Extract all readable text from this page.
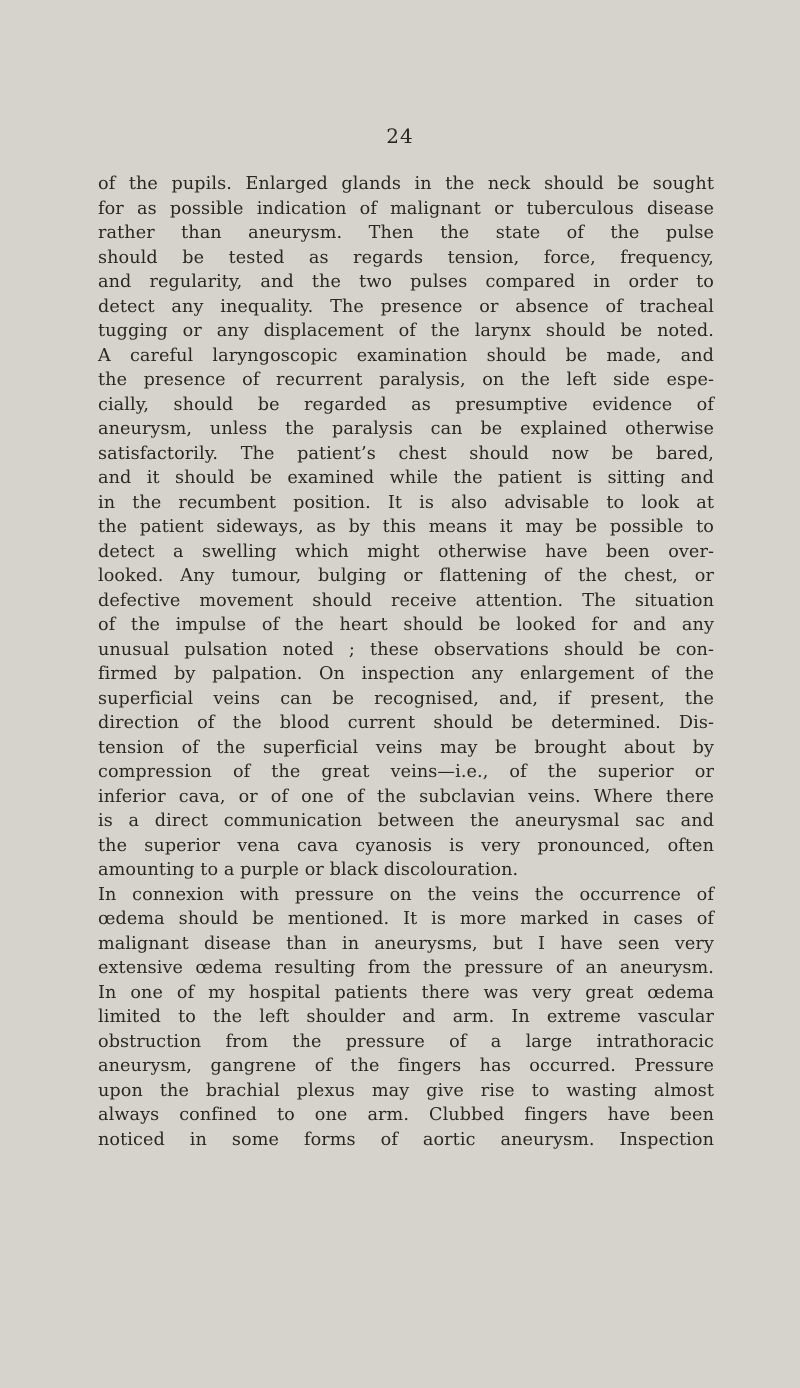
24
of the pupils. Enlarged glands in the neck should be sought
for as possible indication of malignant or tuberculous disease
rather than aneurysm. Then the state of the pulse
should be tested as regards tension, force, frequency,
and regularity, and the two pulses compared in order to
detect any inequality. The presence or absence of tracheal
tugging or any displacement of the larynx should be noted.
A careful laryngoscopic examination should be made, and
the presence of recurrent paralysis, on the left side espe-
cially, should be regarded as presumptive evidence of
aneurysm, unless the paralysis can be explained otherwise
satisfactorily. The patient’s chest should now be bared,
and it should be examined while the patient is sitting and
in the recumbent position. It is also advisable to look at
the patient sideways, as by this means it may be possible to
detect a swelling which might otherwise have been over-
looked. Any tumour, bulging or flattening of the chest, or
defective movement should receive attention. The situation
of the impulse of the heart should be looked for and any
unusual pulsation noted ; these observations should be con-
firmed by palpation. On inspection any enlargement of the
superficial veins can be recognised, and, if present, the
direction of the blood current should be determined. Dis-
tension of the superficial veins may be brought about by
compression of the great veins—i.e., of the superior or
inferior cava, or of one of the subclavian veins. Where there
is a direct communication between the aneurysmal sac and
the superior vena cava cyanosis is very pronounced, often
amounting to a purple or black discolouration.
In connexion with pressure on the veins the occurrence of
œdema should be mentioned. It is more marked in cases of
malignant disease than in aneurysms, but I have seen very
extensive œdema resulting from the pressure of an aneurysm.
In one of my hospital patients there was very great œdema
limited to the left shoulder and arm. In extreme vascular
obstruction from the pressure of a large intrathoracic
aneurysm, gangrene of the fingers has occurred. Pressure
upon the brachial plexus may give rise to wasting almost
always confined to one arm. Clubbed fingers have been
noticed in some forms of aortic aneurysm. Inspection
